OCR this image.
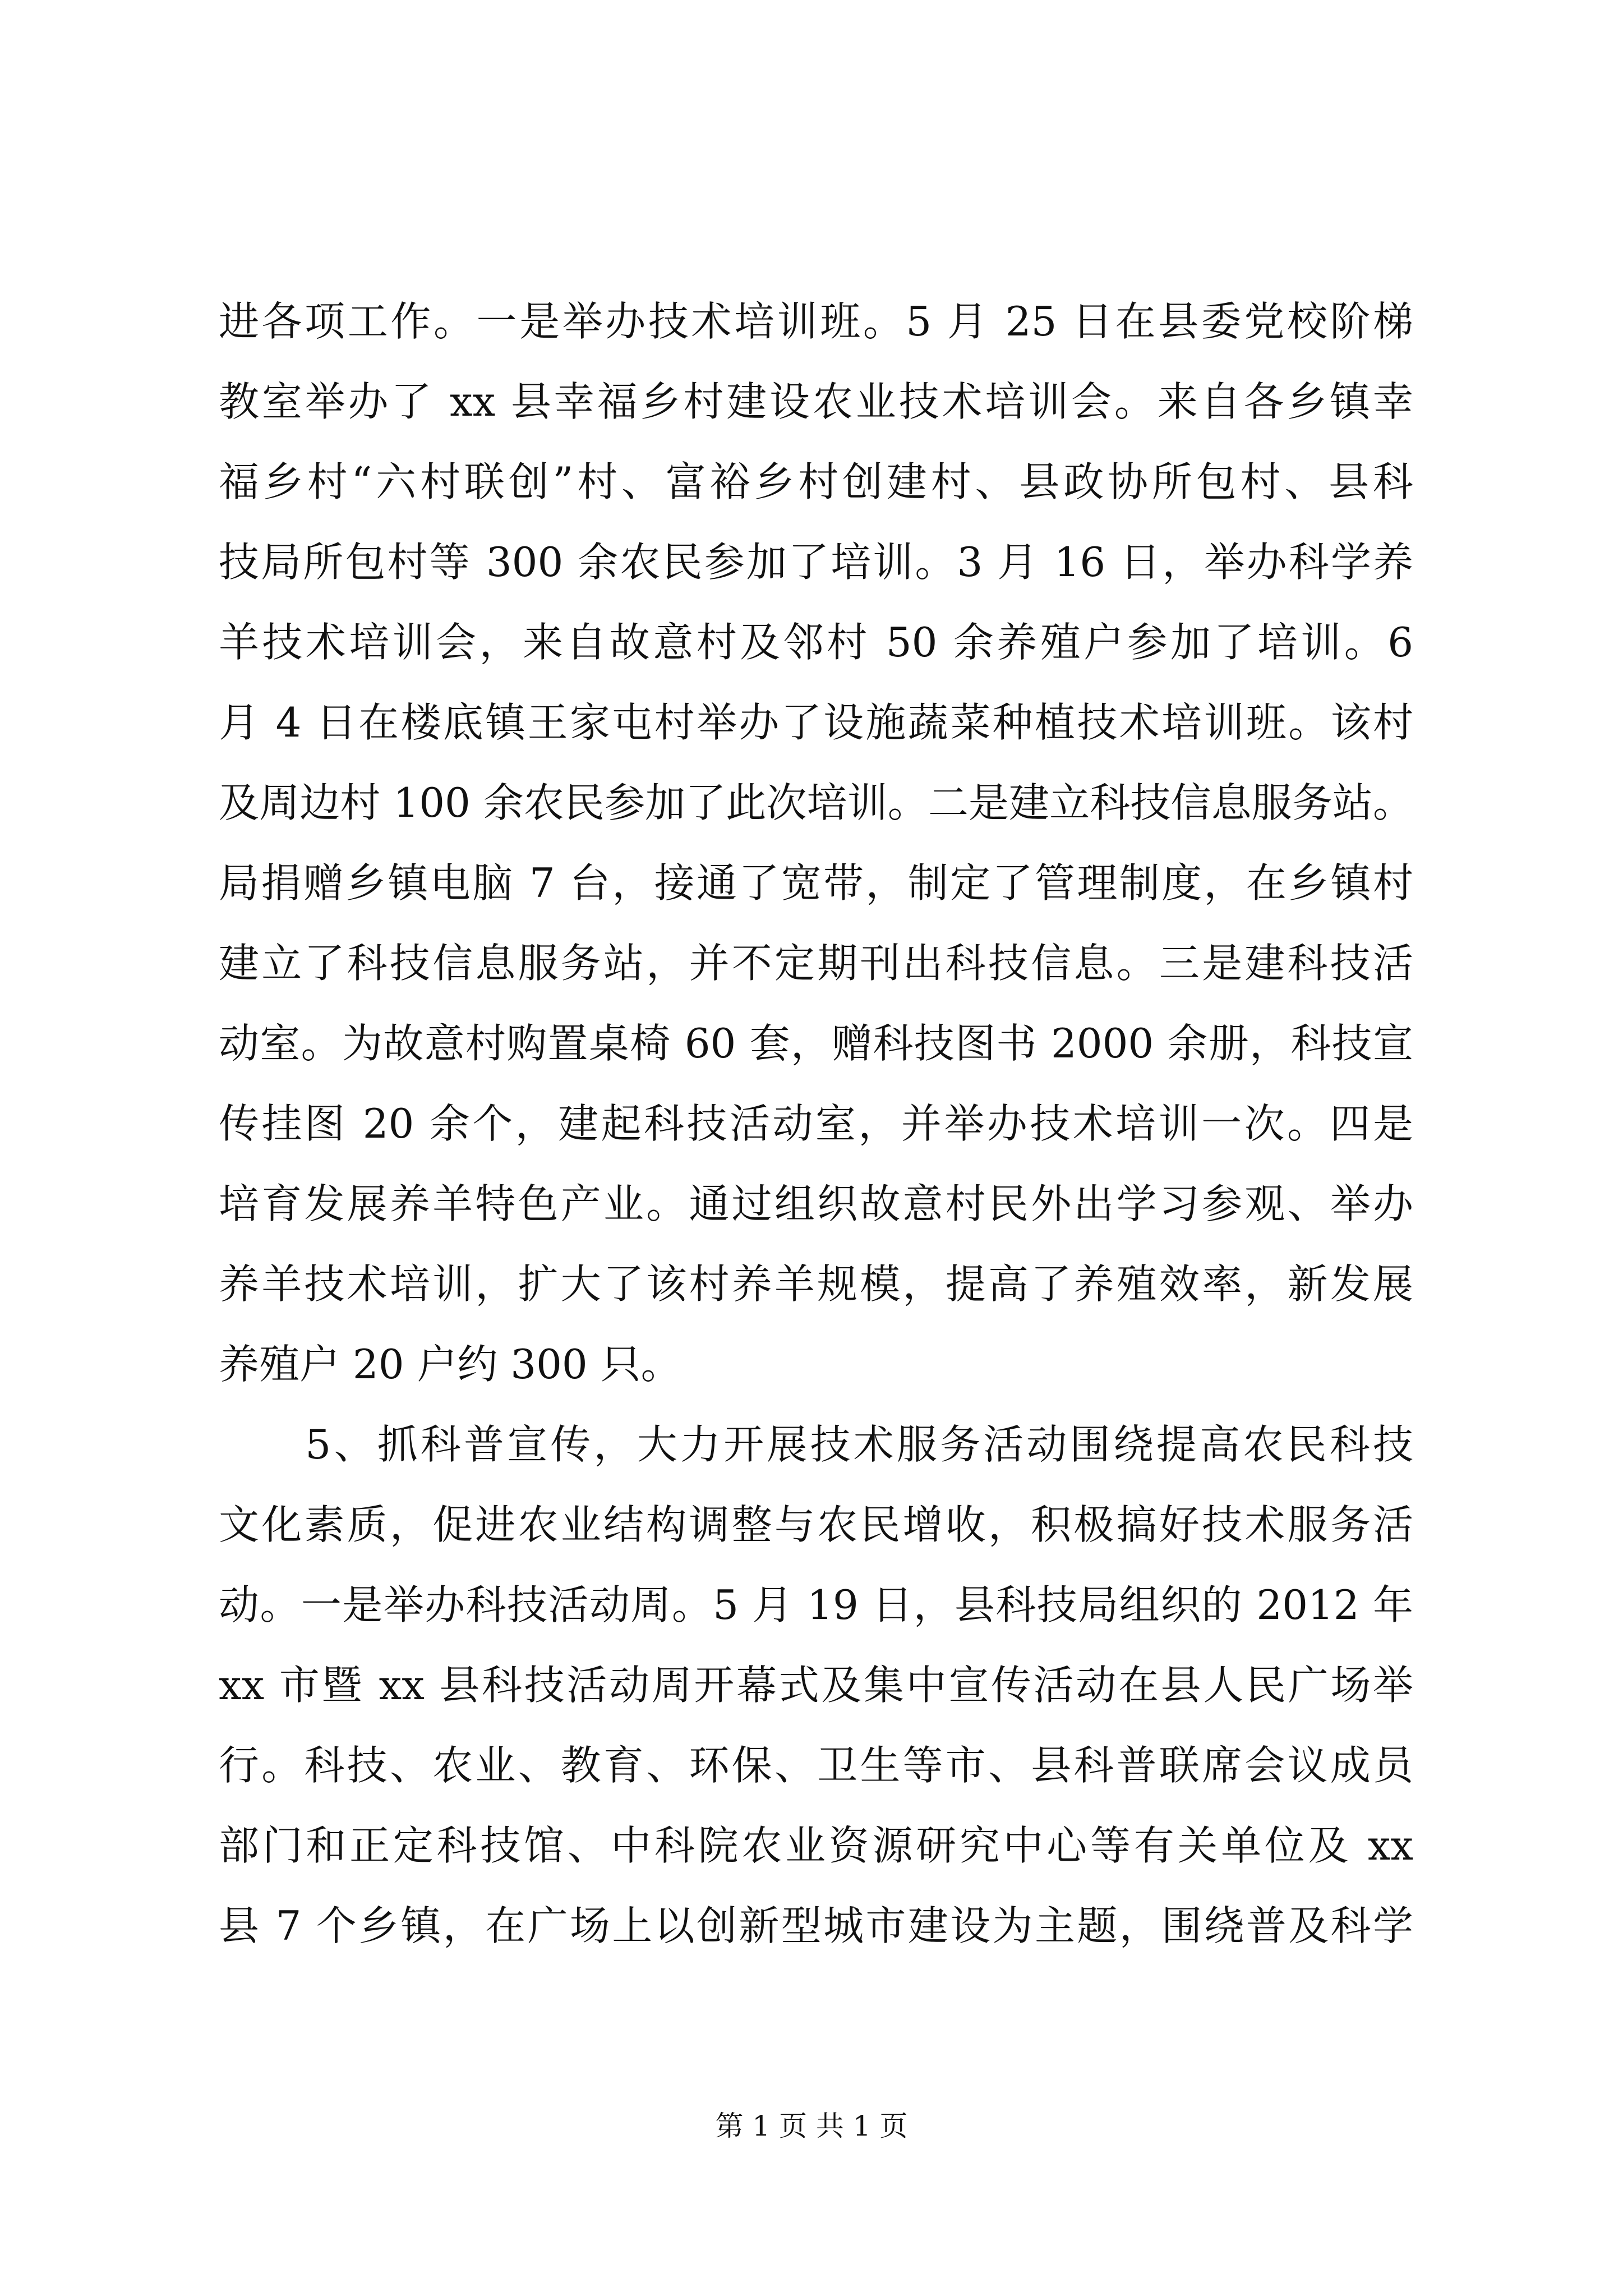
进各项工作。一是举办技术培训班。5 月 25 日在县委党校阶梯
教室举办了 xx 县幸福乡村建设农业技术培训会。来自各乡镇幸
福乡村“六村联创”村、富裕乡村创建村、县政协所包村、县科
技局所包村等 300 余农民参加了培训。3 月 16 日，举办科学养
羊技术培训会，来自故意村及邻村 50 余养殖户参加了培训。6
月 4 日在楼底镇王家屯村举办了设施蔬菜种植技术培训班。该村
及周边村 100 余农民参加了此次培训。二是建立科技信息服务站。
局捐赠乡镇电脑 7 台，接通了宽带，制定了管理制度，在乡镇村
建立了科技信息服务站，并不定期刊出科技信息。三是建科技活
动室。为故意村购置桌椅 60 套，赠科技图书 2000 余册，科技宣
传挂图 20 余个，建起科技活动室，并举办技术培训一次。四是
培育发展养羊特色产业。通过组织故意村民外出学习参观、举办
养羊技术培训，扩大了该村养羊规模，提高了养殖效率，新发展
养殖户 20 户约 300 只。
　　5、抓科普宣传，大力开展技术服务活动围绕提高农民科技
文化素质，促进农业结构调整与农民增收，积极搞好技术服务活
动。一是举办科技活动周。5 月 19 日，县科技局组织的 2012 年
xx 市暨 xx 县科技活动周开幕式及集中宣传活动在县人民广场举
行。科技、农业、教育、环保、卫生等市、县科普联席会议成员
部门和正定科技馆、中科院农业资源研究中心等有关单位及 xx
县 7 个乡镇，在广场上以创新型城市建设为主题，围绕普及科学
第 1 页 共 1 页
